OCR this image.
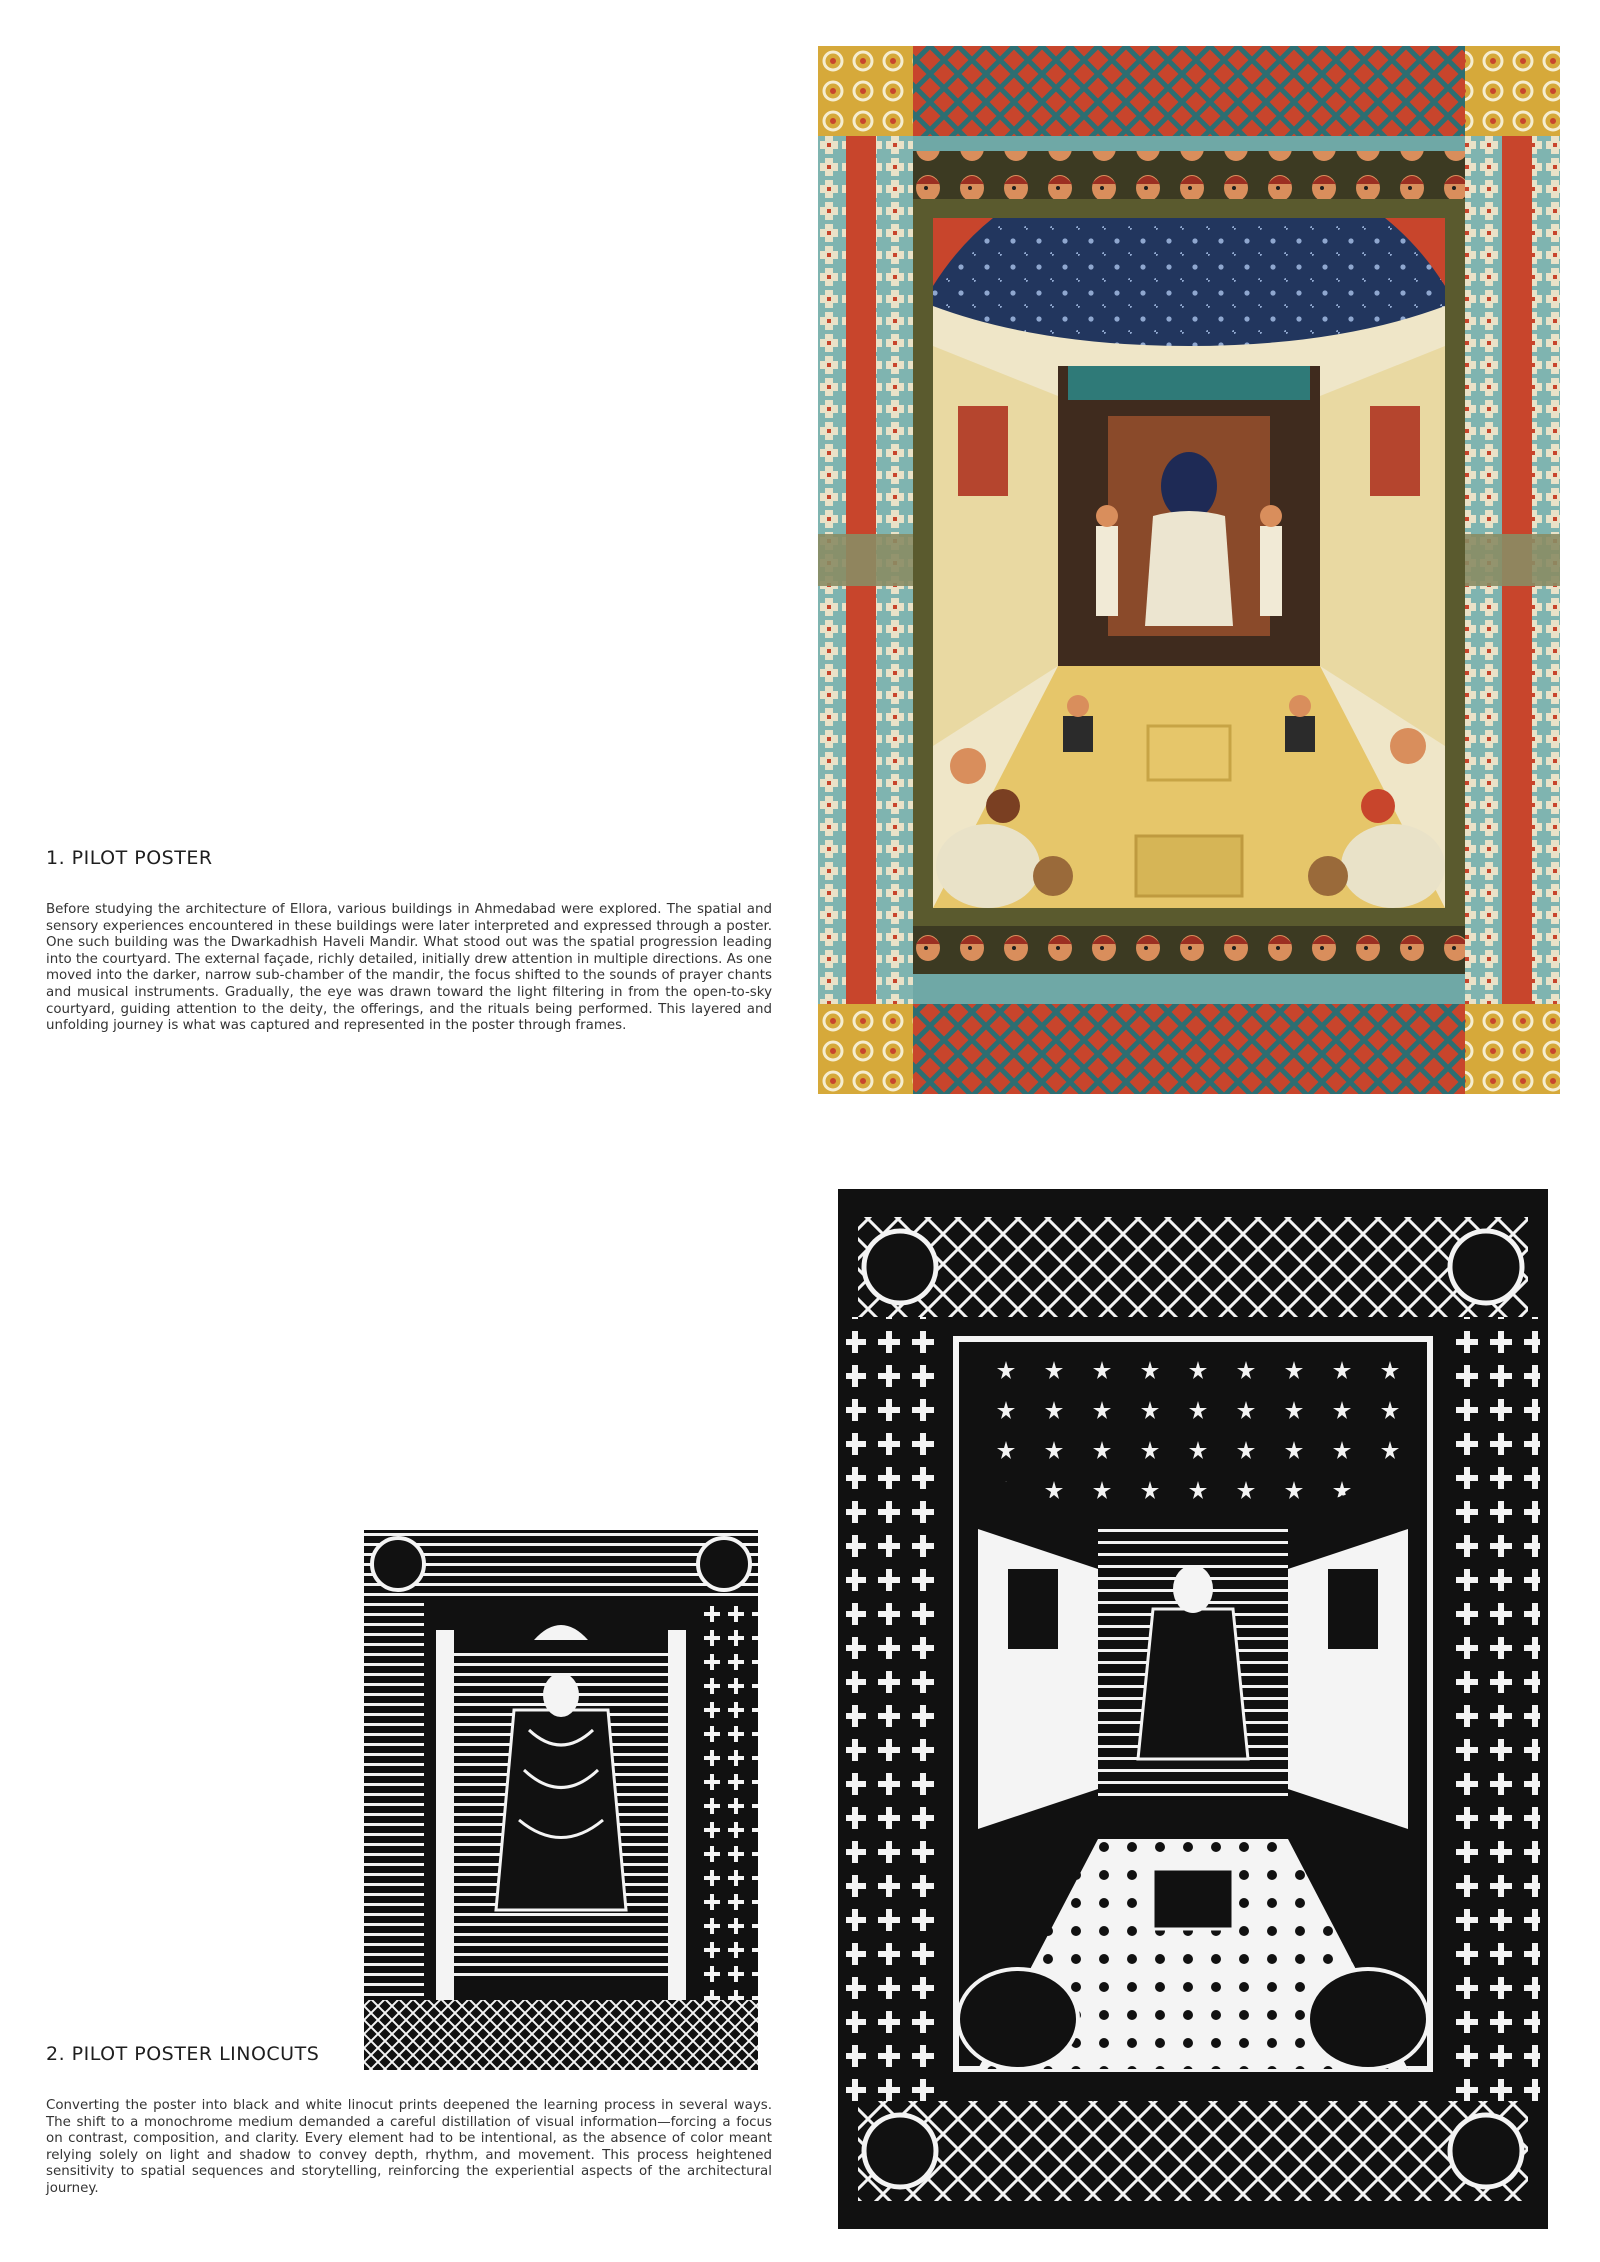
1. PILOT POSTER

Before studying the architecture of Ellora, various buildings in Ahmedabad were explored. The spatial and sensory experiences encountered in these buildings were later interpreted and expressed through a poster. One such building was the Dwarkadhish Haveli Mandir. What stood out was the spatial progression leading into the courtyard. The external façade, richly detailed, initially drew attention in multiple directions. As one moved into the darker, narrow sub-chamber of the mandir, the focus shifted to the sounds of prayer chants and musical instruments. Gradually, the eye was drawn toward the light filtering in from the open-to-sky courtyard, guiding attention to the deity, the offerings, and the rituals being performed. This layered and unfolding journey is what was captured and represented in the poster through frames.

2. PILOT POSTER LINOCUTS

Converting the poster into black and white linocut prints deepened the learning process in several ways. The shift to a monochrome medium demanded a careful distillation of visual information—forcing a focus on contrast, composition, and clarity. Every element had to be intentional, as the absence of color meant relying solely on light and shadow to convey depth, rhythm, and movement. This process heightened sensitivity to spatial sequences and storytelling, reinforcing the experiential aspects of the architectural journey.
